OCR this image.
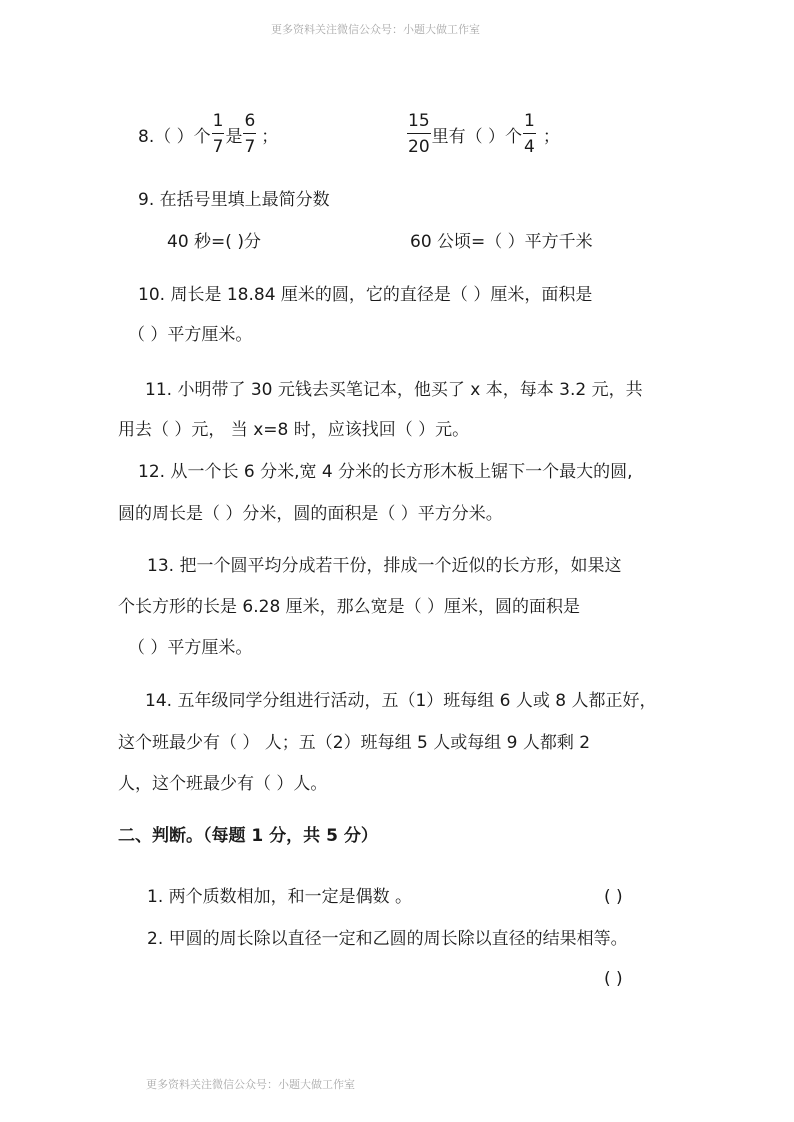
更多资料关注微信公众号：小题大做工作室
更多资料关注微信公众号：小题大做工作室
8.（ ）个 $\frac{1}{7}$ 是 $\frac{6}{7}$ ；	$\frac{15}{20}$ 里有（ ）个 $\frac{1}{4}$ ；
9. 在括号里填上最简分数
40 秒=( )分	60 公顷=（ ）平方千米
10. 周长是 18.84 厘米的圆，它的直径是（ ）厘米，面积是
（ ）平方厘米。
11. 小明带了 30 元钱去买笔记本，他买了 x 本，每本 3.2 元，共
用去（ ）元， 当 x=8 时，应该找回（ ）元。
12. 从一个长 6 分米,宽 4 分米的长方形木板上锯下一个最大的圆,
圆的周长是（ ）分米，圆的面积是（ ）平方分米。
13. 把一个圆平均分成若干份，排成一个近似的长方形，如果这
个长方形的长是 6.28 厘米，那么宽是（ ）厘米，圆的面积是
（ ）平方厘米。
14. 五年级同学分组进行活动，五（1）班每组 6 人或 8 人都正好，
这个班最少有（ ） 人；五（2）班每组 5 人或每组 9 人都剩 2
人，这个班最少有（ ）人。
二、判断。（每题 1 分，共 5 分）
1. 两个质数相加，和一定是偶数 。	( )
2. 甲圆的周长除以直径一定和乙圆的周长除以直径的结果相等。
( )
